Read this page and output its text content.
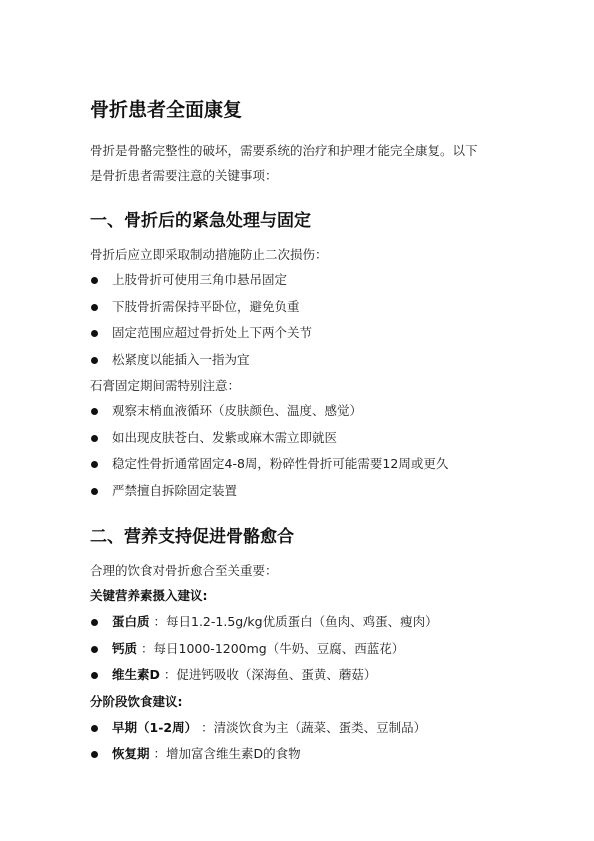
骨折患者全面康复

骨折是骨骼完整性的破坏，需要系统的治疗和护理才能完全康复。以下

是骨折患者需要注意的关键事项：

一、骨折后的紧急处理与固定

骨折后应立即采取制动措施防止二次损伤：

上肢骨折可使用三角巾悬吊固定
下肢骨折需保持平卧位，避免负重
固定范围应超过骨折处上下两个关节
松紧度以能插入一指为宜

石膏固定期间需特别注意：

观察末梢血液循环（皮肤颜色、温度、感觉）
如出现皮肤苍白、发紫或麻木需立即就医
稳定性骨折通常固定4-8周，粉碎性骨折可能需要12周或更久
严禁擅自拆除固定装置
二、营养支持促进骨骼愈合

合理的饮食对骨折愈合至关重要：

关键营养素摄入建议:

蛋白质 ：每日1.2-1.5g/kg优质蛋白（鱼肉、鸡蛋、瘦肉）
钙质 ：每日1000-1200mg（牛奶、豆腐、西蓝花）
维生素D ：促进钙吸收（深海鱼、蛋黄、蘑菇）

分阶段饮食建议:

早期（1-2周） ：清淡饮食为主（蔬菜、蛋类、豆制品）
恢复期 ：增加富含维生素D的食物
